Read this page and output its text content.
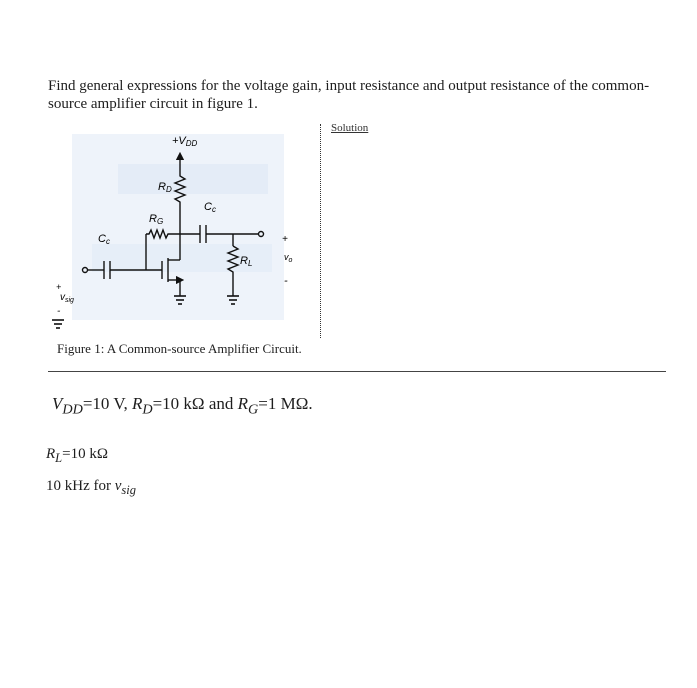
Find general expressions for the voltage gain, input resistance and output resistance of the common-source amplifier circuit in figure 1.

+VDD
RD
RG
Cc
Cc
RL
+
$v_o$
-
+
$v_{sig}$
-
Figure 1: A Common-source Amplifier Circuit.
Solution
$V_{DD}=10$ V, $R_D=10$ kΩ and $R_G=1$ MΩ.
$R_L=10$ kΩ
10 kHz for $v_{sig}$
